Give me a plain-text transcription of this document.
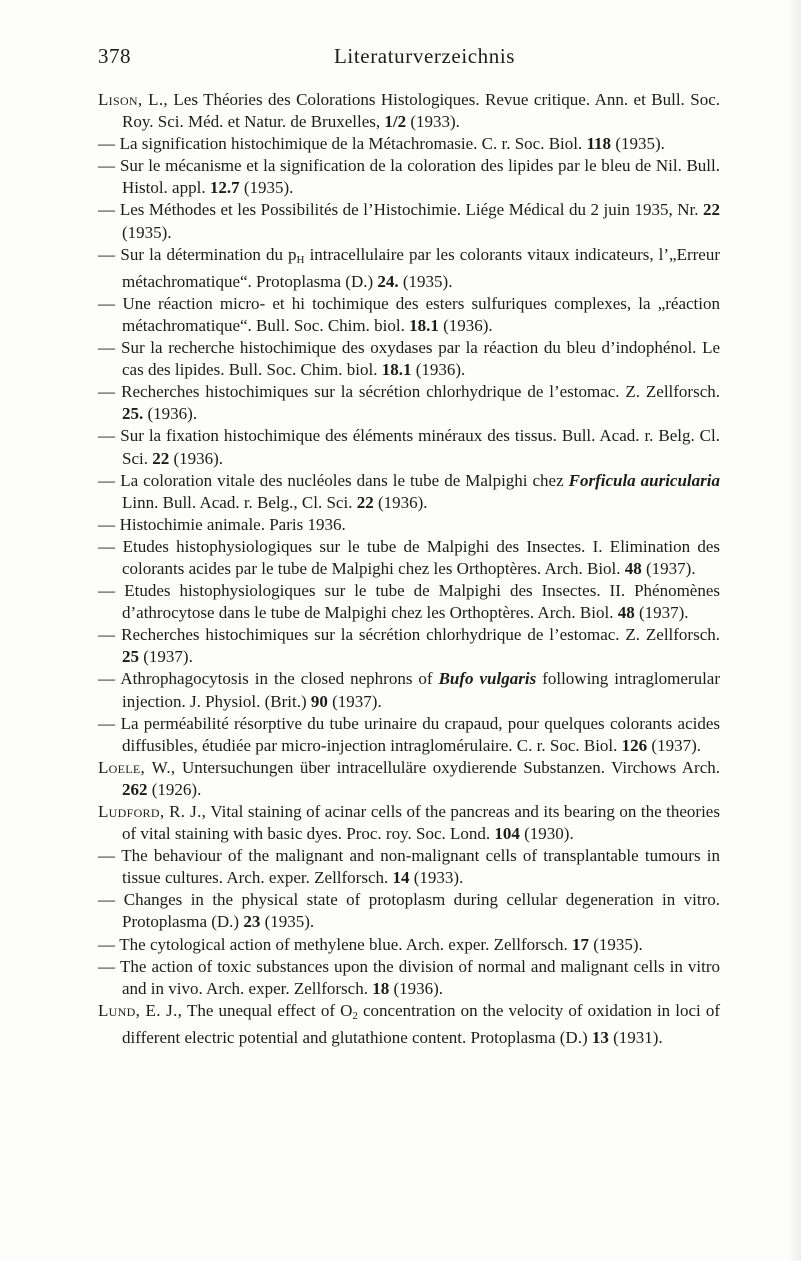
378	Literaturverzeichnis

Lison, L., Les Théories des Colorations Histologiques. Revue critique. Ann. et Bull. Soc. Roy. Sci. Méd. et Natur. de Bruxelles, 1/2 (1933).

— La signification histochimique de la Métachromasie. C. r. Soc. Biol. 118 (1935).

— Sur le mécanisme et la signification de la coloration des lipides par le bleu de Nil. Bull. Histol. appl. 12.7 (1935).

— Les Méthodes et les Possibilités de l’Histochimie. Liége Médical du 2 juin 1935, Nr. 22 (1935).

— Sur la détermination du $p_H$ intracellulaire par les colorants vitaux indicateurs, l’„Erreur métachromatique“. Protoplasma (D.) 24. (1935).

— Une réaction micro- et hi tochimique des esters sulfuriques complexes, la „réaction métachromatique“. Bull. Soc. Chim. biol. 18.1 (1936).

— Sur la recherche histochimique des oxydases par la réaction du bleu d’indophénol. Le cas des lipides. Bull. Soc. Chim. biol. 18.1 (1936).

— Recherches histochimiques sur la sécrétion chlorhydrique de l’estomac. Z. Zellforsch. 25. (1936).

— Sur la fixation histochimique des éléments minéraux des tissus. Bull. Acad. r. Belg. Cl. Sci. 22 (1936).

— La coloration vitale des nucléoles dans le tube de Malpighi chez Forficula auricularia Linn. Bull. Acad. r. Belg., Cl. Sci. 22 (1936).

— Histochimie animale. Paris 1936.

— Etudes histophysiologiques sur le tube de Malpighi des Insectes. I. Elimination des colorants acides par le tube de Malpighi chez les Orthoptères. Arch. Biol. 48 (1937).

— Etudes histophysiologiques sur le tube de Malpighi des Insectes. II. Phénomènes d’athrocytose dans le tube de Malpighi chez les Orthoptères. Arch. Biol. 48 (1937).

— Recherches histochimiques sur la sécrétion chlorhydrique de l’estomac. Z. Zellforsch. 25 (1937).

— Athrophagocytosis in the closed nephrons of Bufo vulgaris following intraglomerular injection. J. Physiol. (Brit.) 90 (1937).

— La perméabilité résorptive du tube urinaire du crapaud, pour quelques colorants acides diffusibles, étudiée par micro-injection intraglomérulaire. C. r. Soc. Biol. 126 (1937).

Loele, W., Untersuchungen über intracelluläre oxydierende Substanzen. Virchows Arch. 262 (1926).

Ludford, R. J., Vital staining of acinar cells of the pancreas and its bearing on the theories of vital staining with basic dyes. Proc. roy. Soc. Lond. 104 (1930).

— The behaviour of the malignant and non-malignant cells of transplantable tumours in tissue cultures. Arch. exper. Zellforsch. 14 (1933).

— Changes in the physical state of protoplasm during cellular degeneration in vitro. Protoplasma (D.) 23 (1935).

— The cytological action of methylene blue. Arch. exper. Zellforsch. 17 (1935).

— The action of toxic substances upon the division of normal and malignant cells in vitro and in vivo. Arch. exper. Zellforsch. 18 (1936).

Lund, E. J., The unequal effect of $O_2$ concentration on the velocity of oxidation in loci of different electric potential and glutathione content. Protoplasma (D.) 13 (1931).
